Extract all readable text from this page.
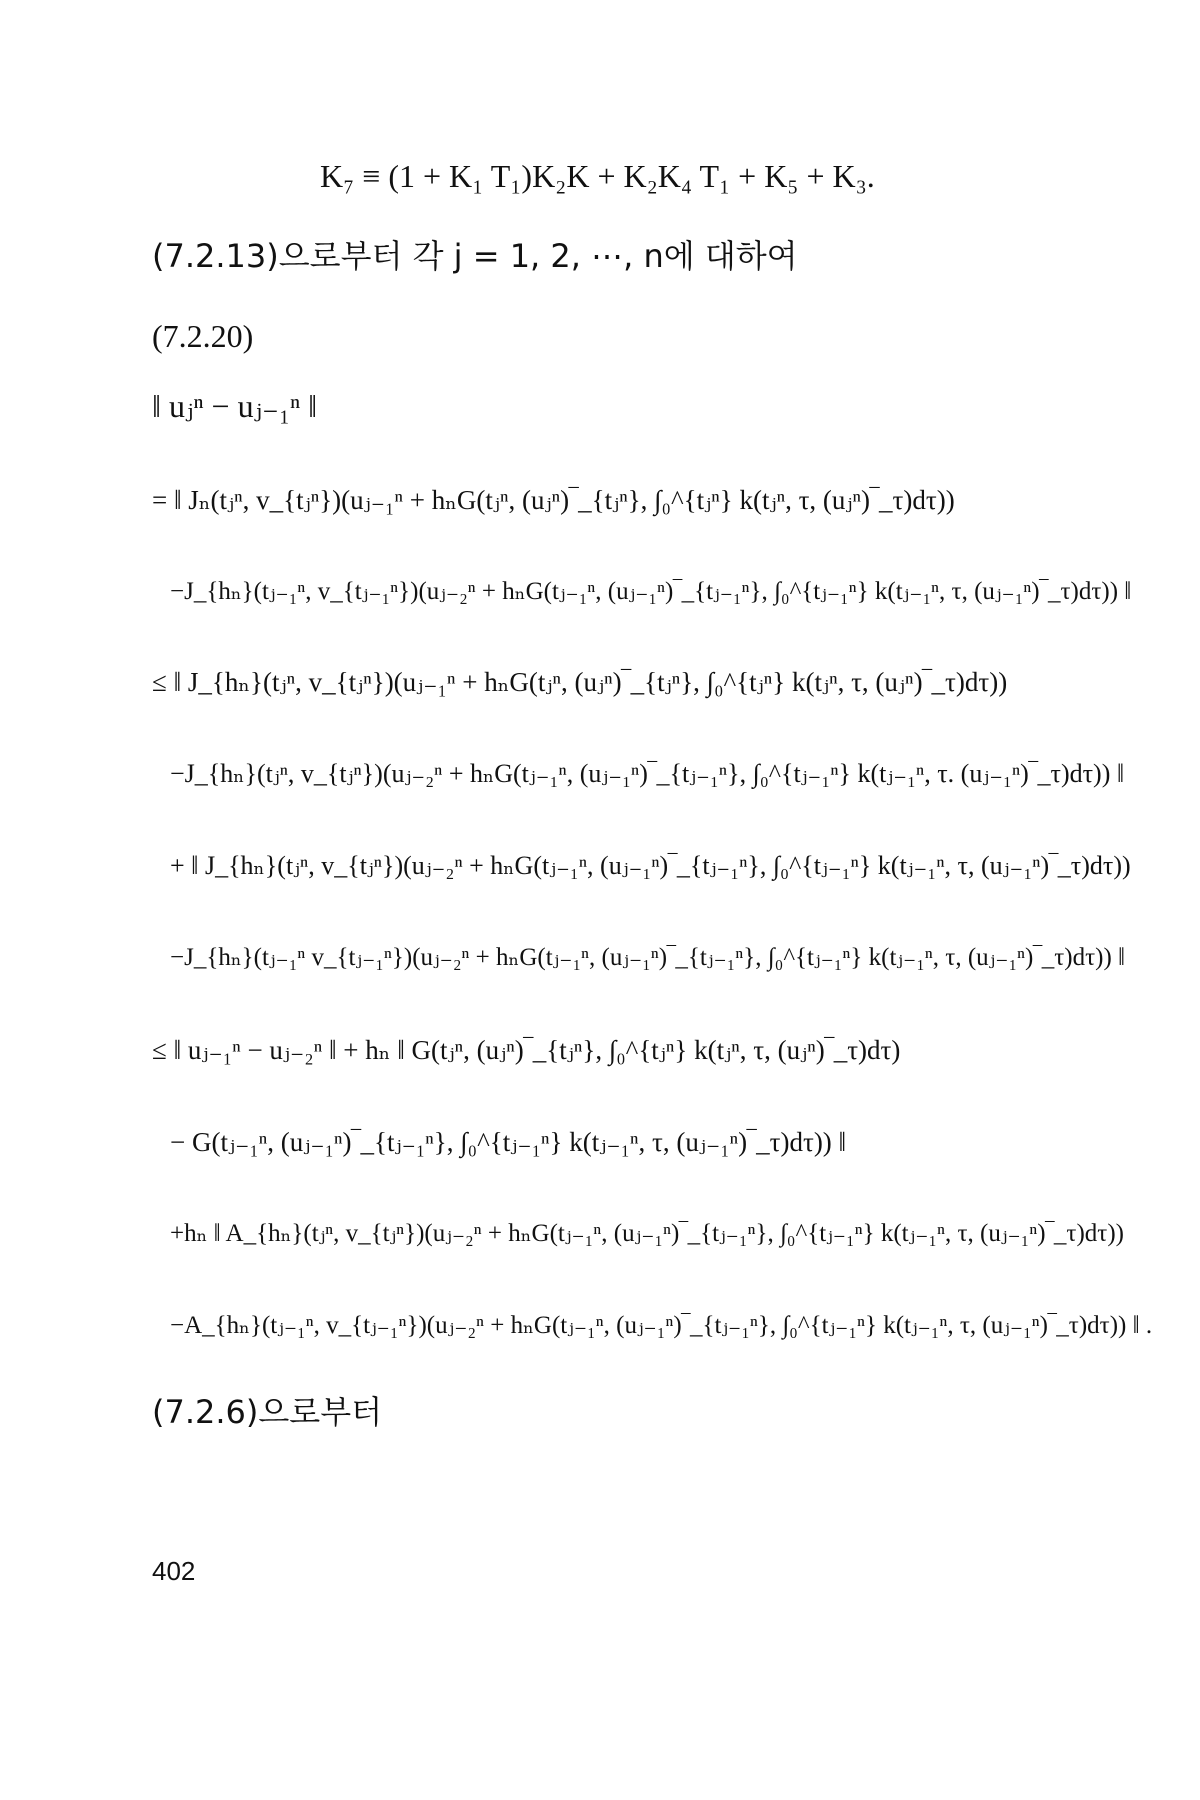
K₇ ≡ (1 + K₁ T₁)K₂K + K₂K₄ T₁ + K₅ + K₃.
(7.2.13)으로부터 각 j = 1, 2, ⋯, n에 대하여
(7.2.20)
‖ uⱼⁿ − uⱼ₋₁ⁿ ‖
= ‖ Jₙ(tⱼⁿ, v_{tⱼⁿ})(uⱼ₋₁ⁿ + hₙG(tⱼⁿ, (uⱼⁿ)‾_{tⱼⁿ}, ∫₀^{tⱼⁿ} k(tⱼⁿ, τ, (uⱼⁿ)‾_τ)dτ))
−J_{hₙ}(tⱼ₋₁ⁿ, v_{tⱼ₋₁ⁿ})(uⱼ₋₂ⁿ + hₙG(tⱼ₋₁ⁿ, (uⱼ₋₁ⁿ)‾_{tⱼ₋₁ⁿ}, ∫₀^{tⱼ₋₁ⁿ} k(tⱼ₋₁ⁿ, τ, (uⱼ₋₁ⁿ)‾_τ)dτ)) ‖
≤ ‖ J_{hₙ}(tⱼⁿ, v_{tⱼⁿ})(uⱼ₋₁ⁿ + hₙG(tⱼⁿ, (uⱼⁿ)‾_{tⱼⁿ}, ∫₀^{tⱼⁿ} k(tⱼⁿ, τ, (uⱼⁿ)‾_τ)dτ))
−J_{hₙ}(tⱼⁿ, v_{tⱼⁿ})(uⱼ₋₂ⁿ + hₙG(tⱼ₋₁ⁿ, (uⱼ₋₁ⁿ)‾_{tⱼ₋₁ⁿ}, ∫₀^{tⱼ₋₁ⁿ} k(tⱼ₋₁ⁿ, τ. (uⱼ₋₁ⁿ)‾_τ)dτ)) ‖
+ ‖ J_{hₙ}(tⱼⁿ, v_{tⱼⁿ})(uⱼ₋₂ⁿ + hₙG(tⱼ₋₁ⁿ, (uⱼ₋₁ⁿ)‾_{tⱼ₋₁ⁿ}, ∫₀^{tⱼ₋₁ⁿ} k(tⱼ₋₁ⁿ, τ, (uⱼ₋₁ⁿ)‾_τ)dτ))
−J_{hₙ}(tⱼ₋₁ⁿ v_{tⱼ₋₁ⁿ})(uⱼ₋₂ⁿ + hₙG(tⱼ₋₁ⁿ, (uⱼ₋₁ⁿ)‾_{tⱼ₋₁ⁿ}, ∫₀^{tⱼ₋₁ⁿ} k(tⱼ₋₁ⁿ, τ, (uⱼ₋₁ⁿ)‾_τ)dτ)) ‖
≤ ‖ uⱼ₋₁ⁿ − uⱼ₋₂ⁿ ‖ + hₙ ‖ G(tⱼⁿ, (uⱼⁿ)‾_{tⱼⁿ}, ∫₀^{tⱼⁿ} k(tⱼⁿ, τ, (uⱼⁿ)‾_τ)dτ)
− G(tⱼ₋₁ⁿ, (uⱼ₋₁ⁿ)‾_{tⱼ₋₁ⁿ}, ∫₀^{tⱼ₋₁ⁿ} k(tⱼ₋₁ⁿ, τ, (uⱼ₋₁ⁿ)‾_τ)dτ)) ‖
+hₙ ‖ A_{hₙ}(tⱼⁿ, v_{tⱼⁿ})(uⱼ₋₂ⁿ + hₙG(tⱼ₋₁ⁿ, (uⱼ₋₁ⁿ)‾_{tⱼ₋₁ⁿ}, ∫₀^{tⱼ₋₁ⁿ} k(tⱼ₋₁ⁿ, τ, (uⱼ₋₁ⁿ)‾_τ)dτ))
−A_{hₙ}(tⱼ₋₁ⁿ, v_{tⱼ₋₁ⁿ})(uⱼ₋₂ⁿ + hₙG(tⱼ₋₁ⁿ, (uⱼ₋₁ⁿ)‾_{tⱼ₋₁ⁿ}, ∫₀^{tⱼ₋₁ⁿ} k(tⱼ₋₁ⁿ, τ, (uⱼ₋₁ⁿ)‾_τ)dτ)) ‖ .
(7.2.6)으로부터
402
